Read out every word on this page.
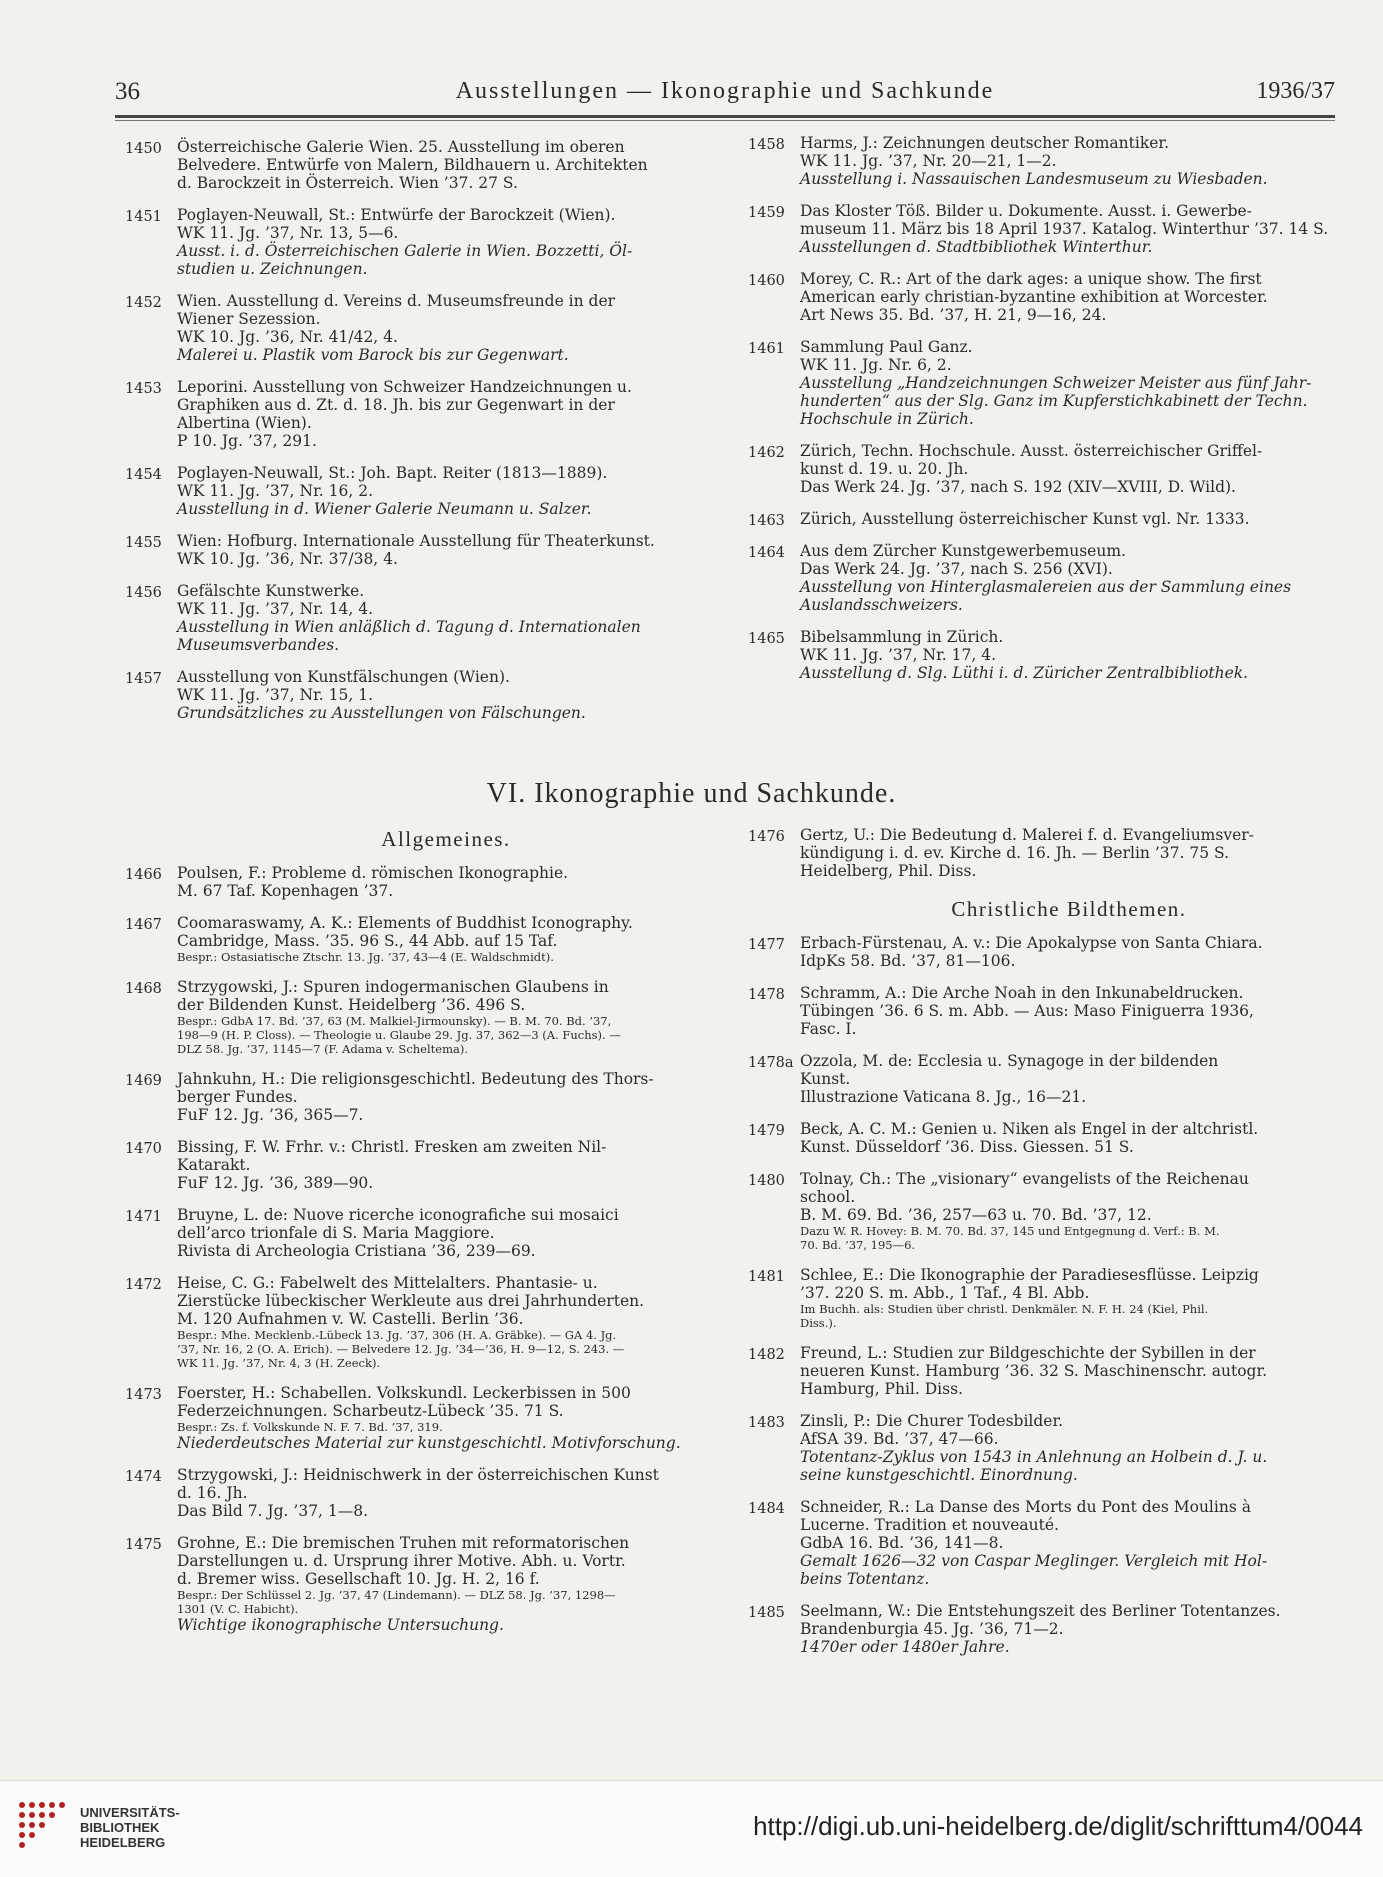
36	Ausstellungen — Ikonographie und Sachkunde	1936/37
1450 Österreichische Galerie Wien. 25. Ausstellung im oberen
Belvedere. Entwürfe von Malern, Bildhauern u. Architekten
d. Barockzeit in Österreich. Wien ’37. 27 S.
1451 Poglayen-Neuwall, St.: Entwürfe der Barockzeit (Wien).
WK 11. Jg. ’37, Nr. 13, 5—6.
Ausst. i. d. Österreichischen Galerie in Wien. Bozzetti, Öl-
studien u. Zeichnungen.
1452 Wien. Ausstellung d. Vereins d. Museumsfreunde in der
Wiener Sezession.
WK 10. Jg. ’36, Nr. 41/42, 4.
Malerei u. Plastik vom Barock bis zur Gegenwart.
1453 Leporini. Ausstellung von Schweizer Handzeichnungen u.
Graphiken aus d. Zt. d. 18. Jh. bis zur Gegenwart in der
Albertina (Wien).
P 10. Jg. ’37, 291.
1454 Poglayen-Neuwall, St.: Joh. Bapt. Reiter (1813—1889).
WK 11. Jg. ’37, Nr. 16, 2.
Ausstellung in d. Wiener Galerie Neumann u. Salzer.
1455 Wien: Hofburg. Internationale Ausstellung für Theaterkunst.
WK 10. Jg. ’36, Nr. 37/38, 4.
1456 Gefälschte Kunstwerke.
WK 11. Jg. ’37, Nr. 14, 4.
Ausstellung in Wien anläßlich d. Tagung d. Internationalen
Museumsverbandes.
1457 Ausstellung von Kunstfälschungen (Wien).
WK 11. Jg. ’37, Nr. 15, 1.
Grundsätzliches zu Ausstellungen von Fälschungen.
1458 Harms, J.: Zeichnungen deutscher Romantiker.
WK 11. Jg. ’37, Nr. 20—21, 1—2.
Ausstellung i. Nassauischen Landesmuseum zu Wiesbaden.
1459 Das Kloster Töß. Bilder u. Dokumente. Ausst. i. Gewerbe-
museum 11. März bis 18 April 1937. Katalog. Winterthur ’37. 14 S.
Ausstellungen d. Stadtbibliothek Winterthur.
1460 Morey, C. R.: Art of the dark ages: a unique show. The first
American early christian-byzantine exhibition at Worcester.
Art News 35. Bd. ’37, H. 21, 9—16, 24.
1461 Sammlung Paul Ganz.
WK 11. Jg. Nr. 6, 2.
Ausstellung „Handzeichnungen Schweizer Meister aus fünf Jahr-
hunderten“ aus der Slg. Ganz im Kupferstichkabinett der Techn.
Hochschule in Zürich.
1462 Zürich, Techn. Hochschule. Ausst. österreichischer Griffel-
kunst d. 19. u. 20. Jh.
Das Werk 24. Jg. ’37, nach S. 192 (XIV—XVIII, D. Wild).
1463 Zürich, Ausstellung österreichischer Kunst vgl. Nr. 1333.
1464 Aus dem Zürcher Kunstgewerbemuseum.
Das Werk 24. Jg. ’37, nach S. 256 (XVI).
Ausstellung von Hinterglasmalereien aus der Sammlung eines
Auslandsschweizers.
1465 Bibelsammlung in Zürich.
WK 11. Jg. ’37, Nr. 17, 4.
Ausstellung d. Slg. Lüthi i. d. Züricher Zentralbibliothek.
VI. Ikonographie und Sachkunde.
Allgemeines.
1466 Poulsen, F.: Probleme d. römischen Ikonographie.
M. 67 Taf. Kopenhagen ’37.
1467 Coomaraswamy, A. K.: Elements of Buddhist Iconography.
Cambridge, Mass. ’35. 96 S., 44 Abb. auf 15 Taf.
Bespr.: Ostasiatische Ztschr. 13. Jg. ’37, 43—4 (E. Waldschmidt).
1468 Strzygowski, J.: Spuren indogermanischen Glaubens in
der Bildenden Kunst. Heidelberg ’36. 496 S.
Bespr.: GdbA 17. Bd. ’37, 63 (M. Malkiel-Jirmounsky). — B. M. 70. Bd. ’37,
198—9 (H. P. Closs). — Theologie u. Glaube 29. Jg. 37, 362—3 (A. Fuchs). —
DLZ 58. Jg. ’37, 1145—7 (F. Adama v. Scheltema).
1469 Jahnkuhn, H.: Die religionsgeschichtl. Bedeutung des Thors-
berger Fundes.
FuF 12. Jg. ’36, 365—7.
1470 Bissing, F. W. Frhr. v.: Christl. Fresken am zweiten Nil-
Katarakt.
FuF 12. Jg. ’36, 389—90.
1471 Bruyne, L. de: Nuove ricerche iconografiche sui mosaici
dell’arco trionfale di S. Maria Maggiore.
Rivista di Archeologia Cristiana ’36, 239—69.
1472 Heise, C. G.: Fabelwelt des Mittelalters. Phantasie- u.
Zierstücke lübeckischer Werkleute aus drei Jahrhunderten.
M. 120 Aufnahmen v. W. Castelli. Berlin ’36.
Bespr.: Mhe. Mecklenb.-Lübeck 13. Jg. ’37, 306 (H. A. Gräbke). — GA 4. Jg.
’37, Nr. 16, 2 (O. A. Erich). — Belvedere 12. Jg. ’34—’36, H. 9—12, S. 243. —
WK 11. Jg. ’37, Nr. 4, 3 (H. Zeeck).
1473 Foerster, H.: Schabellen. Volkskundl. Leckerbissen in 500
Federzeichnungen. Scharbeutz-Lübeck ’35. 71 S.
Bespr.: Zs. f. Volkskunde N. F. 7. Bd. ’37, 319.
Niederdeutsches Material zur kunstgeschichtl. Motivforschung.
1474 Strzygowski, J.: Heidnischwerk in der österreichischen Kunst
d. 16. Jh.
Das Bild 7. Jg. ’37, 1—8.
1475 Grohne, E.: Die bremischen Truhen mit reformatorischen
Darstellungen u. d. Ursprung ihrer Motive. Abh. u. Vortr.
d. Bremer wiss. Gesellschaft 10. Jg. H. 2, 16 f.
Bespr.: Der Schlüssel 2. Jg. ’37, 47 (Lindemann). — DLZ 58. Jg. ’37, 1298—
1301 (V. C. Habicht).
Wichtige ikonographische Untersuchung.
1476 Gertz, U.: Die Bedeutung d. Malerei f. d. Evangeliumsver-
kündigung i. d. ev. Kirche d. 16. Jh. — Berlin ’37. 75 S.
Heidelberg, Phil. Diss.
Christliche Bildthemen.
1477 Erbach-Fürstenau, A. v.: Die Apokalypse von Santa Chiara.
IdpKs 58. Bd. ’37, 81—106.
1478 Schramm, A.: Die Arche Noah in den Inkunabeldrucken.
Tübingen ’36. 6 S. m. Abb. — Aus: Maso Finiguerra 1936,
Fasc. I.
1478a Ozzola, M. de: Ecclesia u. Synagoge in der bildenden
Kunst.
Illustrazione Vaticana 8. Jg., 16—21.
1479 Beck, A. C. M.: Genien u. Niken als Engel in der altchristl.
Kunst. Düsseldorf ’36. Diss. Giessen. 51 S.
1480 Tolnay, Ch.: The „visionary“ evangelists of the Reichenau
school.
B. M. 69. Bd. ’36, 257—63 u. 70. Bd. ’37, 12.
Dazu W. R. Hovey: B. M. 70. Bd. 37, 145 und Entgegnung d. Verf.: B. M.
70. Bd. ’37, 195—6.
1481 Schlee, E.: Die Ikonographie der Paradiesesflüsse. Leipzig
’37. 220 S. m. Abb., 1 Taf., 4 Bl. Abb.
Im Buchh. als: Studien über christl. Denkmäler. N. F. H. 24 (Kiel, Phil.
Diss.).
1482 Freund, L.: Studien zur Bildgeschichte der Sybillen in der
neueren Kunst. Hamburg ’36. 32 S. Maschinenschr. autogr.
Hamburg, Phil. Diss.
1483 Zinsli, P.: Die Churer Todesbilder.
AfSA 39. Bd. ’37, 47—66.
Totentanz-Zyklus von 1543 in Anlehnung an Holbein d. J. u.
seine kunstgeschichtl. Einordnung.
1484 Schneider, R.: La Danse des Morts du Pont des Moulins à
Lucerne. Tradition et nouveauté.
GdbA 16. Bd. ’36, 141—8.
Gemalt 1626—32 von Caspar Meglinger. Vergleich mit Hol-
beins Totentanz.
1485 Seelmann, W.: Die Entstehungszeit des Berliner Totentanzes.
Brandenburgia 45. Jg. ’36, 71—2.
1470er oder 1480er Jahre.
UNIVERSITÄTS-
BIBLIOTHEK
HEIDELBERG
http://digi.ub.uni-heidelberg.de/diglit/schrifttum4/0044
